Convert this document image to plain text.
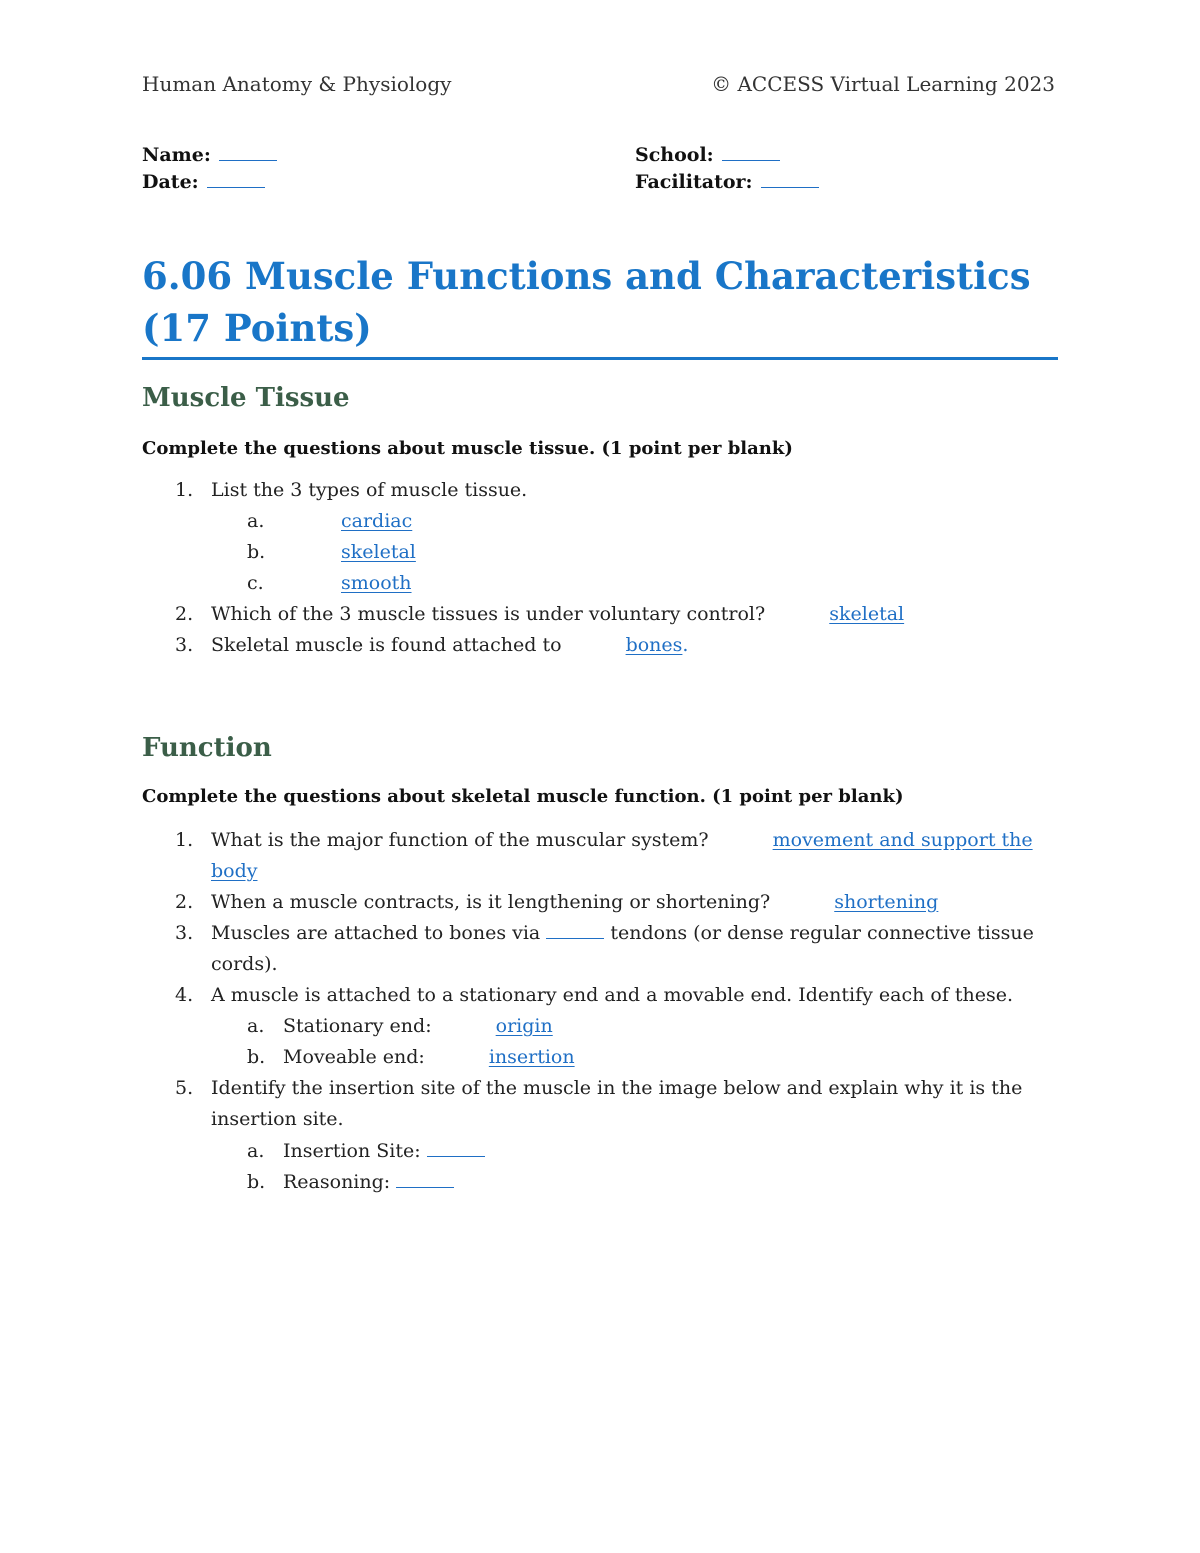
Human Anatomy & Physiology	© ACCESS Virtual Learning 2023
Name:
Date:
School:
Facilitator:
6.06 Muscle Functions and Characteristics
(17 Points)
Muscle Tissue
Complete the questions about muscle tissue. (1 point per blank)
1. List the 3 types of muscle tissue.
a.	cardiac
b.	skeletal
c.	smooth
2. Which of the 3 muscle tissues is under voluntary control?	skeletal
3. Skeletal muscle is found attached to	bones.
Function
Complete the questions about skeletal muscle function. (1 point per blank)
1. What is the major function of the muscular system?	movement and support the
body
2. When a muscle contracts, is it lengthening or shortening?	shortening
3. Muscles are attached to bones via	tendons (or dense regular connective tissue
cords).
4. A muscle is attached to a stationary end and a movable end. Identify each of these.
a. Stationary end:	origin
b. Moveable end:	insertion
5. Identify the insertion site of the muscle in the image below and explain why it is the
insertion site.
a. Insertion Site:
b. Reasoning:
